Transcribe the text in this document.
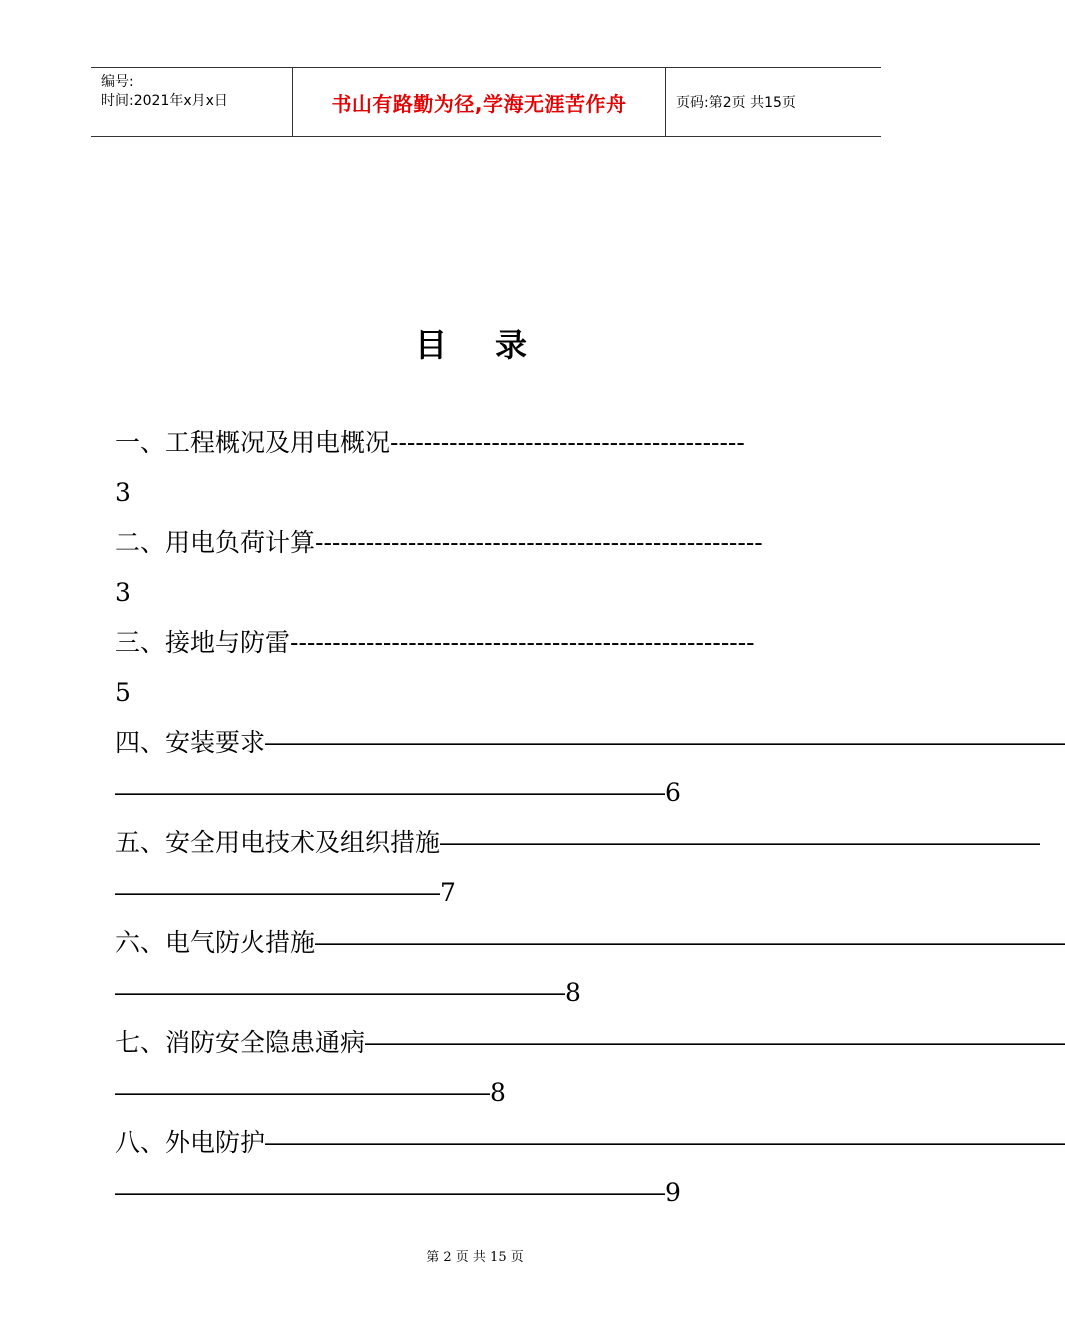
编号:
时间:2021年x月x日	书山有路勤为径,学海无涯苦作舟	页码:第2页 共15页
目录
一、工程概况及用电概况------------------------------------------
3
二、用电负荷计算-----------------------------------------------------
3
三、接地与防雷-------------------------------------------------------
5
四、安装要求――――――――――――――――――――――――――――――――
――――――――――――――――――――――6
五、安全用电技术及组织措施――――――――――――――――――――――――
―――――――――――――7
六、电气防火措施――――――――――――――――――――――――――――――
――――――――――――――――――8
七、消防安全隐患通病――――――――――――――――――――――――――――
―――――――――――――――8
八、外电防护――――――――――――――――――――――――――――――――
――――――――――――――――――――――9
第 2 页 共 15 页
